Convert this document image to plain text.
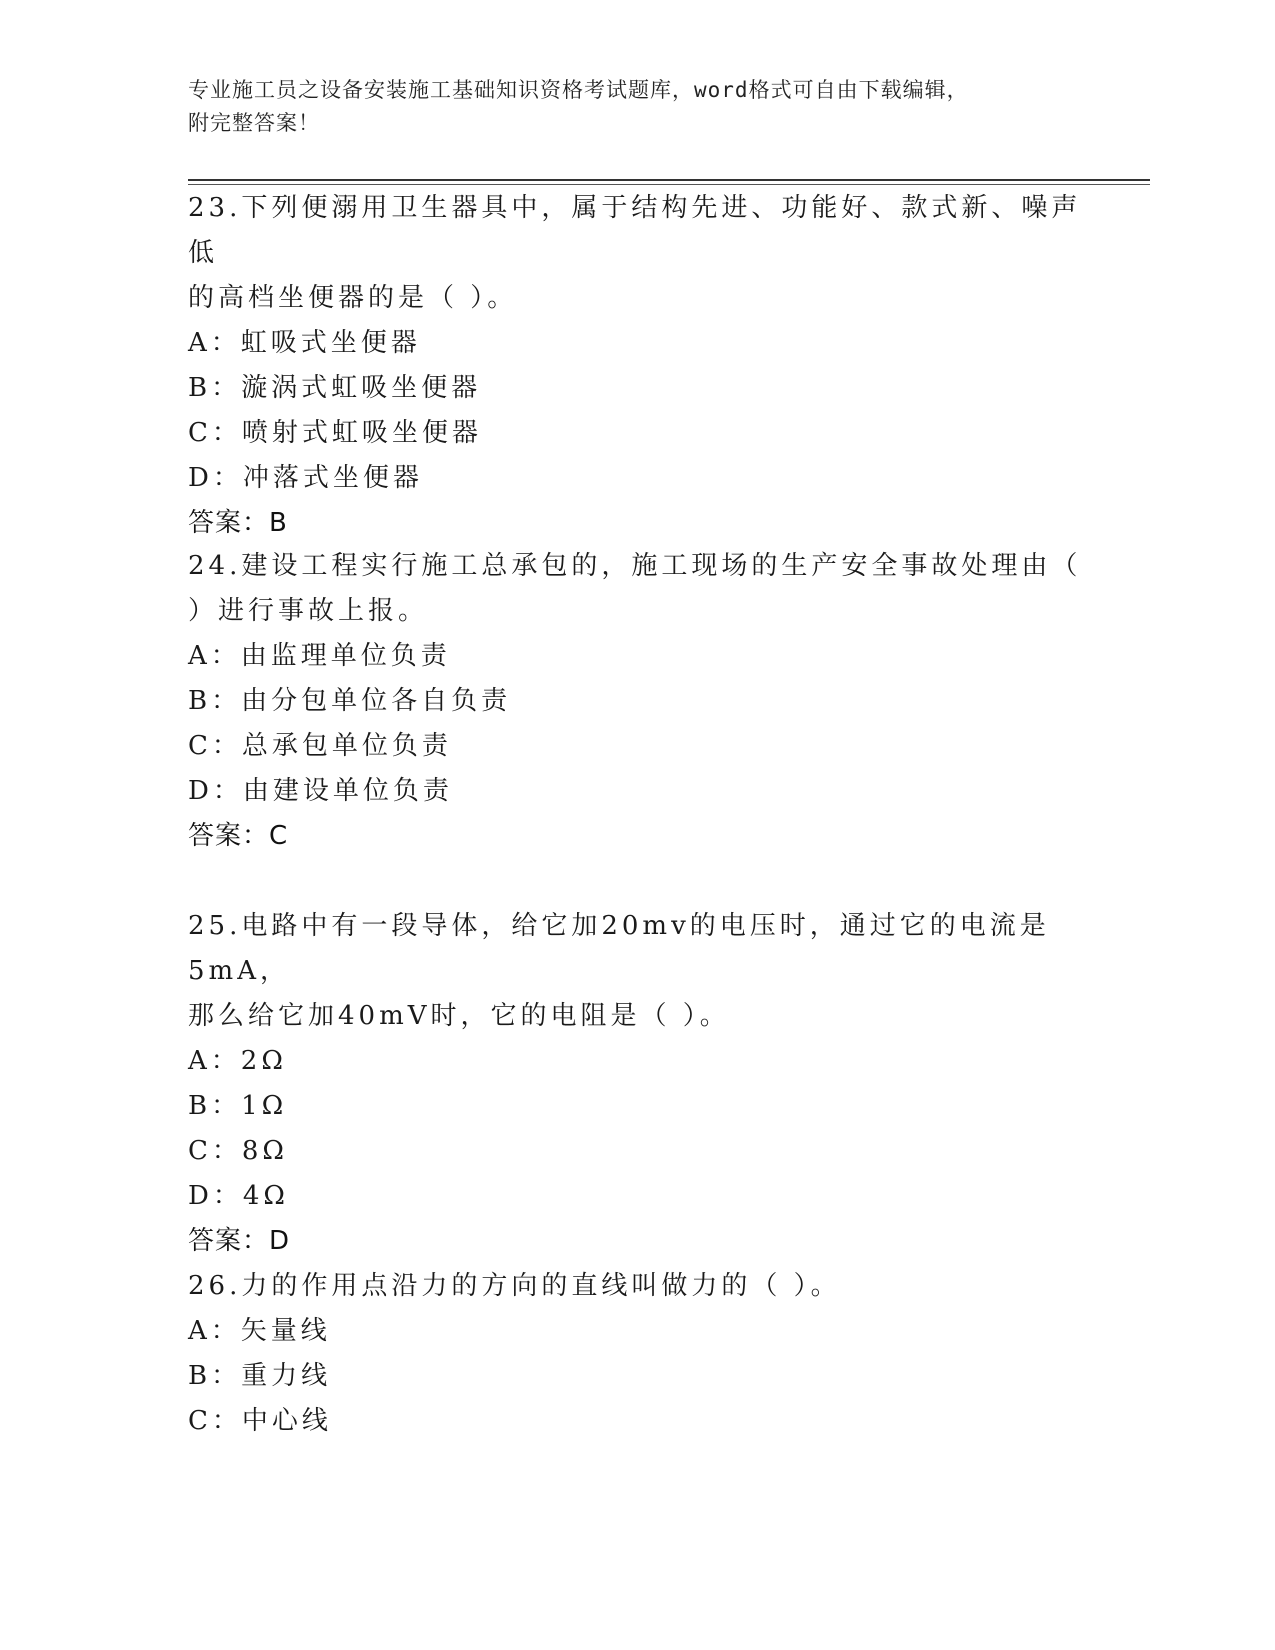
专业施工员之设备安装施工基础知识资格考试题库，word格式可自由下载编辑，
附完整答案！

23.下列便溺用卫生器具中，属于结构先进、功能好、款式新、噪声低

的高档坐便器的是（ ）。

A：虹吸式坐便器

B：漩涡式虹吸坐便器

C：喷射式虹吸坐便器

D：冲落式坐便器

答案：B

24.建设工程实行施工总承包的，施工现场的生产安全事故处理由（

）进行事故上报。

A：由监理单位负责

B：由分包单位各自负责

C：总承包单位负责

D：由建设单位负责

答案：C

25.电路中有一段导体，给它加20mv的电压时，通过它的电流是5mA，

那么给它加40mV时，它的电阻是（ ）。

A：2Ω

B：1Ω

C：8Ω

D：4Ω

答案：D

26.力的作用点沿力的方向的直线叫做力的（ ）。

A：矢量线

B：重力线

C：中心线
